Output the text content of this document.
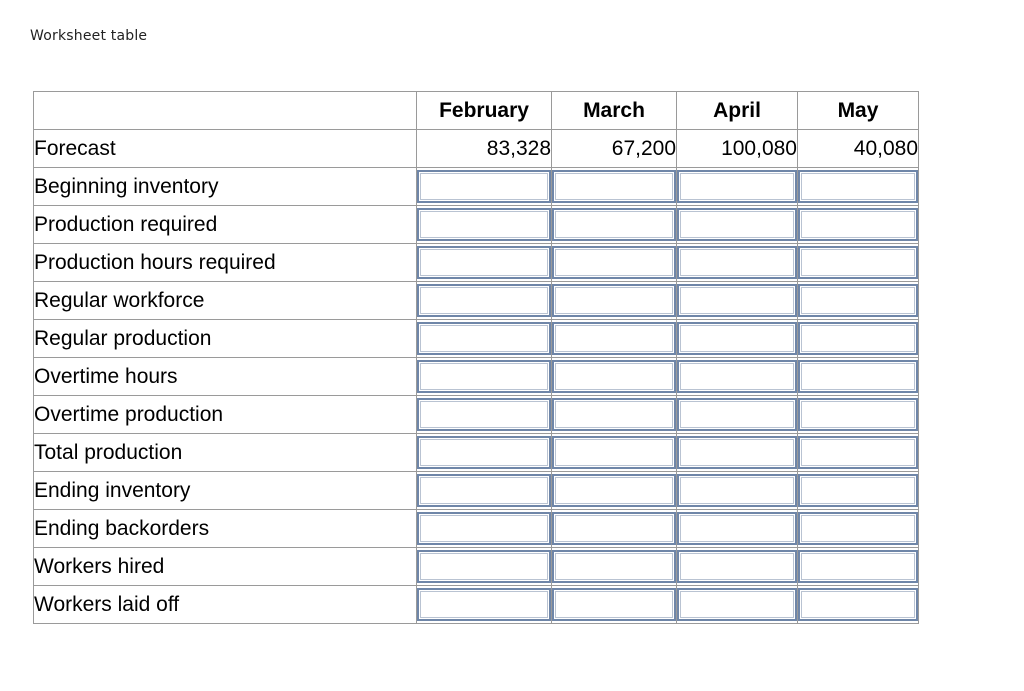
Worksheet table
	February	March	April	May
Forecast	83,328	67,200	100,080	40,080
Beginning inventory	

Production required	

Production hours required	

Regular workforce	

Regular production	

Overtime hours	

Overtime production	

Total production	

Ending inventory	

Ending backorders	

Workers hired	

Workers laid off	
